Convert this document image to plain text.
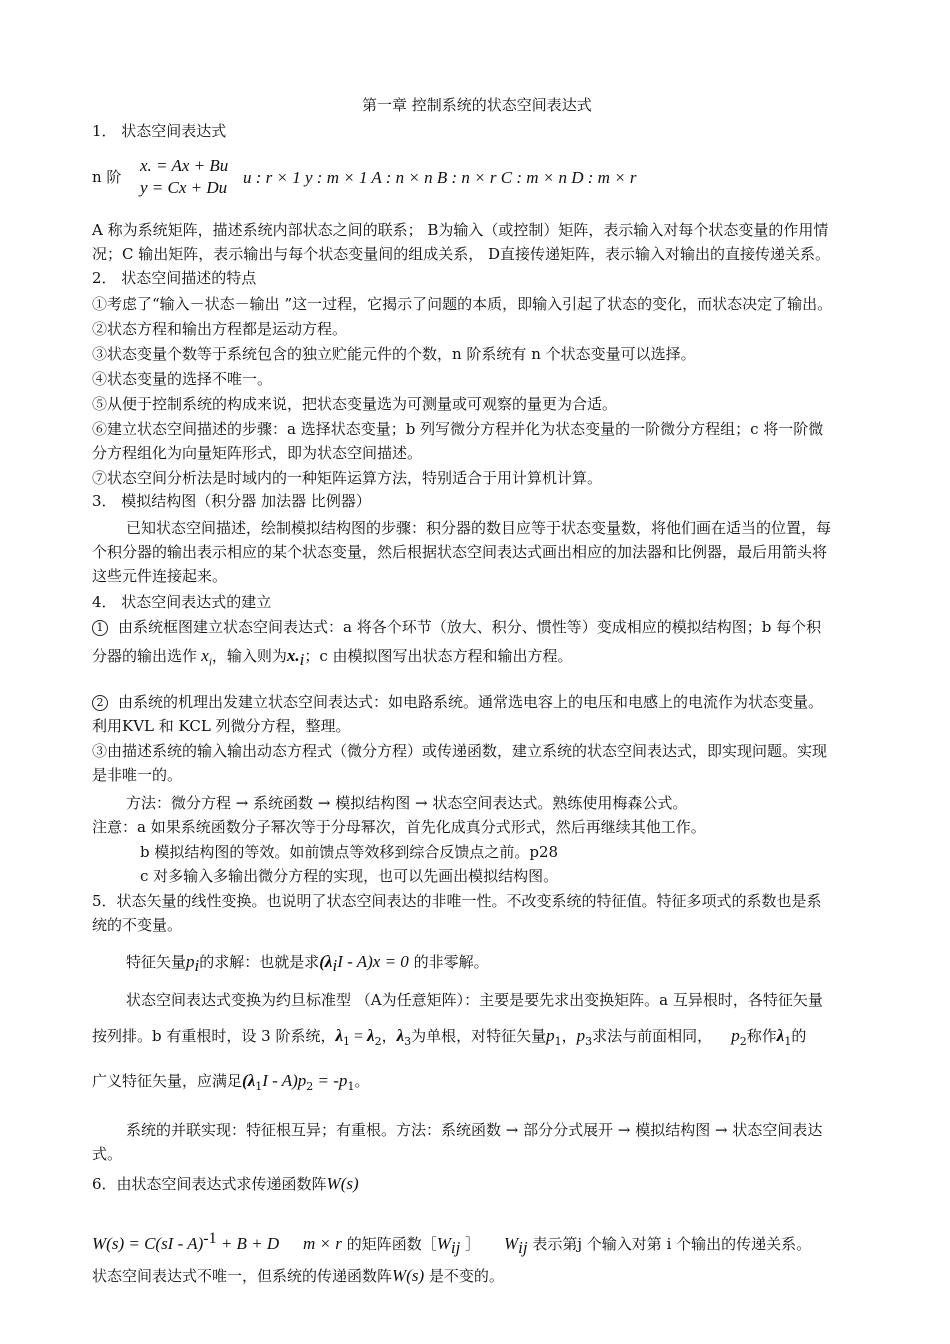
第一章 控制系统的状态空间表达式
1． 状态空间表达式
n 阶
x. = Ax + Bu
y = Cx + Du
u : r × 1 y : m × 1 A : n × n B : n × r C : m × n D : m × r
A 称为系统矩阵，描述系统内部状态之间的联系； B为输入（或控制）矩阵，表示输入对每个状态变量的作用情
况；C 输出矩阵，表示输出与每个状态变量间的组成关系， D直接传递矩阵，表示输入对输出的直接传递关系。
2． 状态空间描述的特点
①考虑了“输入－状态－输出 ”这一过程，它揭示了问题的本质，即输入引起了状态的变化，而状态决定了输出。
②状态方程和输出方程都是运动方程。
③状态变量个数等于系统包含的独立贮能元件的个数，n 阶系统有 n 个状态变量可以选择。
④状态变量的选择不唯一。
⑤从便于控制系统的构成来说，把状态变量选为可测量或可观察的量更为合适。
⑥建立状态空间描述的步骤：a 选择状态变量；b 列写微分方程并化为状态变量的一阶微分方程组；c 将一阶微
分方程组化为向量矩阵形式，即为状态空间描述。
⑦状态空间分析法是时域内的一种矩阵运算方法，特别适合于用计算机计算。
3． 模拟结构图（积分器 加法器 比例器）
已知状态空间描述，绘制模拟结构图的步骤：积分器的数目应等于状态变量数，将他们画在适当的位置，每
个积分器的输出表示相应的某个状态变量，然后根据状态空间表达式画出相应的加法器和比例器，最后用箭头将
这些元件连接起来。
4． 状态空间表达式的建立
1 由系统框图建立状态空间表达式：a 将各个环节（放大、积分、惯性等）变成相应的模拟结构图；b 每个积
分器的输出选作 $x_i$，输入则为$x._i$；c 由模拟图写出状态方程和输出方程。
2 由系统的机理出发建立状态空间表达式：如电路系统。通常选电容上的电压和电感上的电流作为状态变量。
利用KVL 和 KCL 列微分方程，整理。
③由描述系统的输入输出动态方程式（微分方程）或传递函数，建立系统的状态空间表达式，即实现问题。实现
是非唯一的。
方法：微分方程 → 系统函数 → 模拟结构图 → 状态空间表达式。熟练使用梅森公式。
注意：a 如果系统函数分子幂次等于分母幂次，首先化成真分式形式，然后再继续其他工作。
b 模拟结构图的等效。如前馈点等效移到综合反馈点之前。p28
c 对多输入多输出微分方程的实现，也可以先画出模拟结构图。
5．状态矢量的线性变换。也说明了状态空间表达的非唯一性。不改变系统的特征值。特征多项式的系数也是系
统的不变量。
特征矢量$p_i$的求解：也就是求$(\lambda_iI - A)x = 0$ 的非零解。
状态空间表达式变换为约旦标准型 （A为任意矩阵）：主要是要先求出变换矩阵。a 互异根时，各特征矢量
按列排。b 有重根时，设 3 阶系统，$\lambda_1 = \lambda_2$，$\lambda_3$为单根，对特征矢量$p_1$，$p_3$求法与前面相同， $p_2$称作$\lambda_1$的
广义特征矢量，应满足$(\lambda_1I - A)p_2 = -p_1$。
系统的并联实现：特征根互异；有重根。方法：系统函数 → 部分分式展开 → 模拟结构图 → 状态空间表达
式。
6．由状态空间表达式求传递函数阵W(s)
W(s) = C(sI - A)$^{-1}$ + B + D m × r 的矩阵函数$[W_{ij}$ ］ $W_{ij}$ 表示第j 个输入对第 i 个输出的传递关系。
状态空间表达式不唯一，但系统的传递函数阵W(s) 是不变的。
